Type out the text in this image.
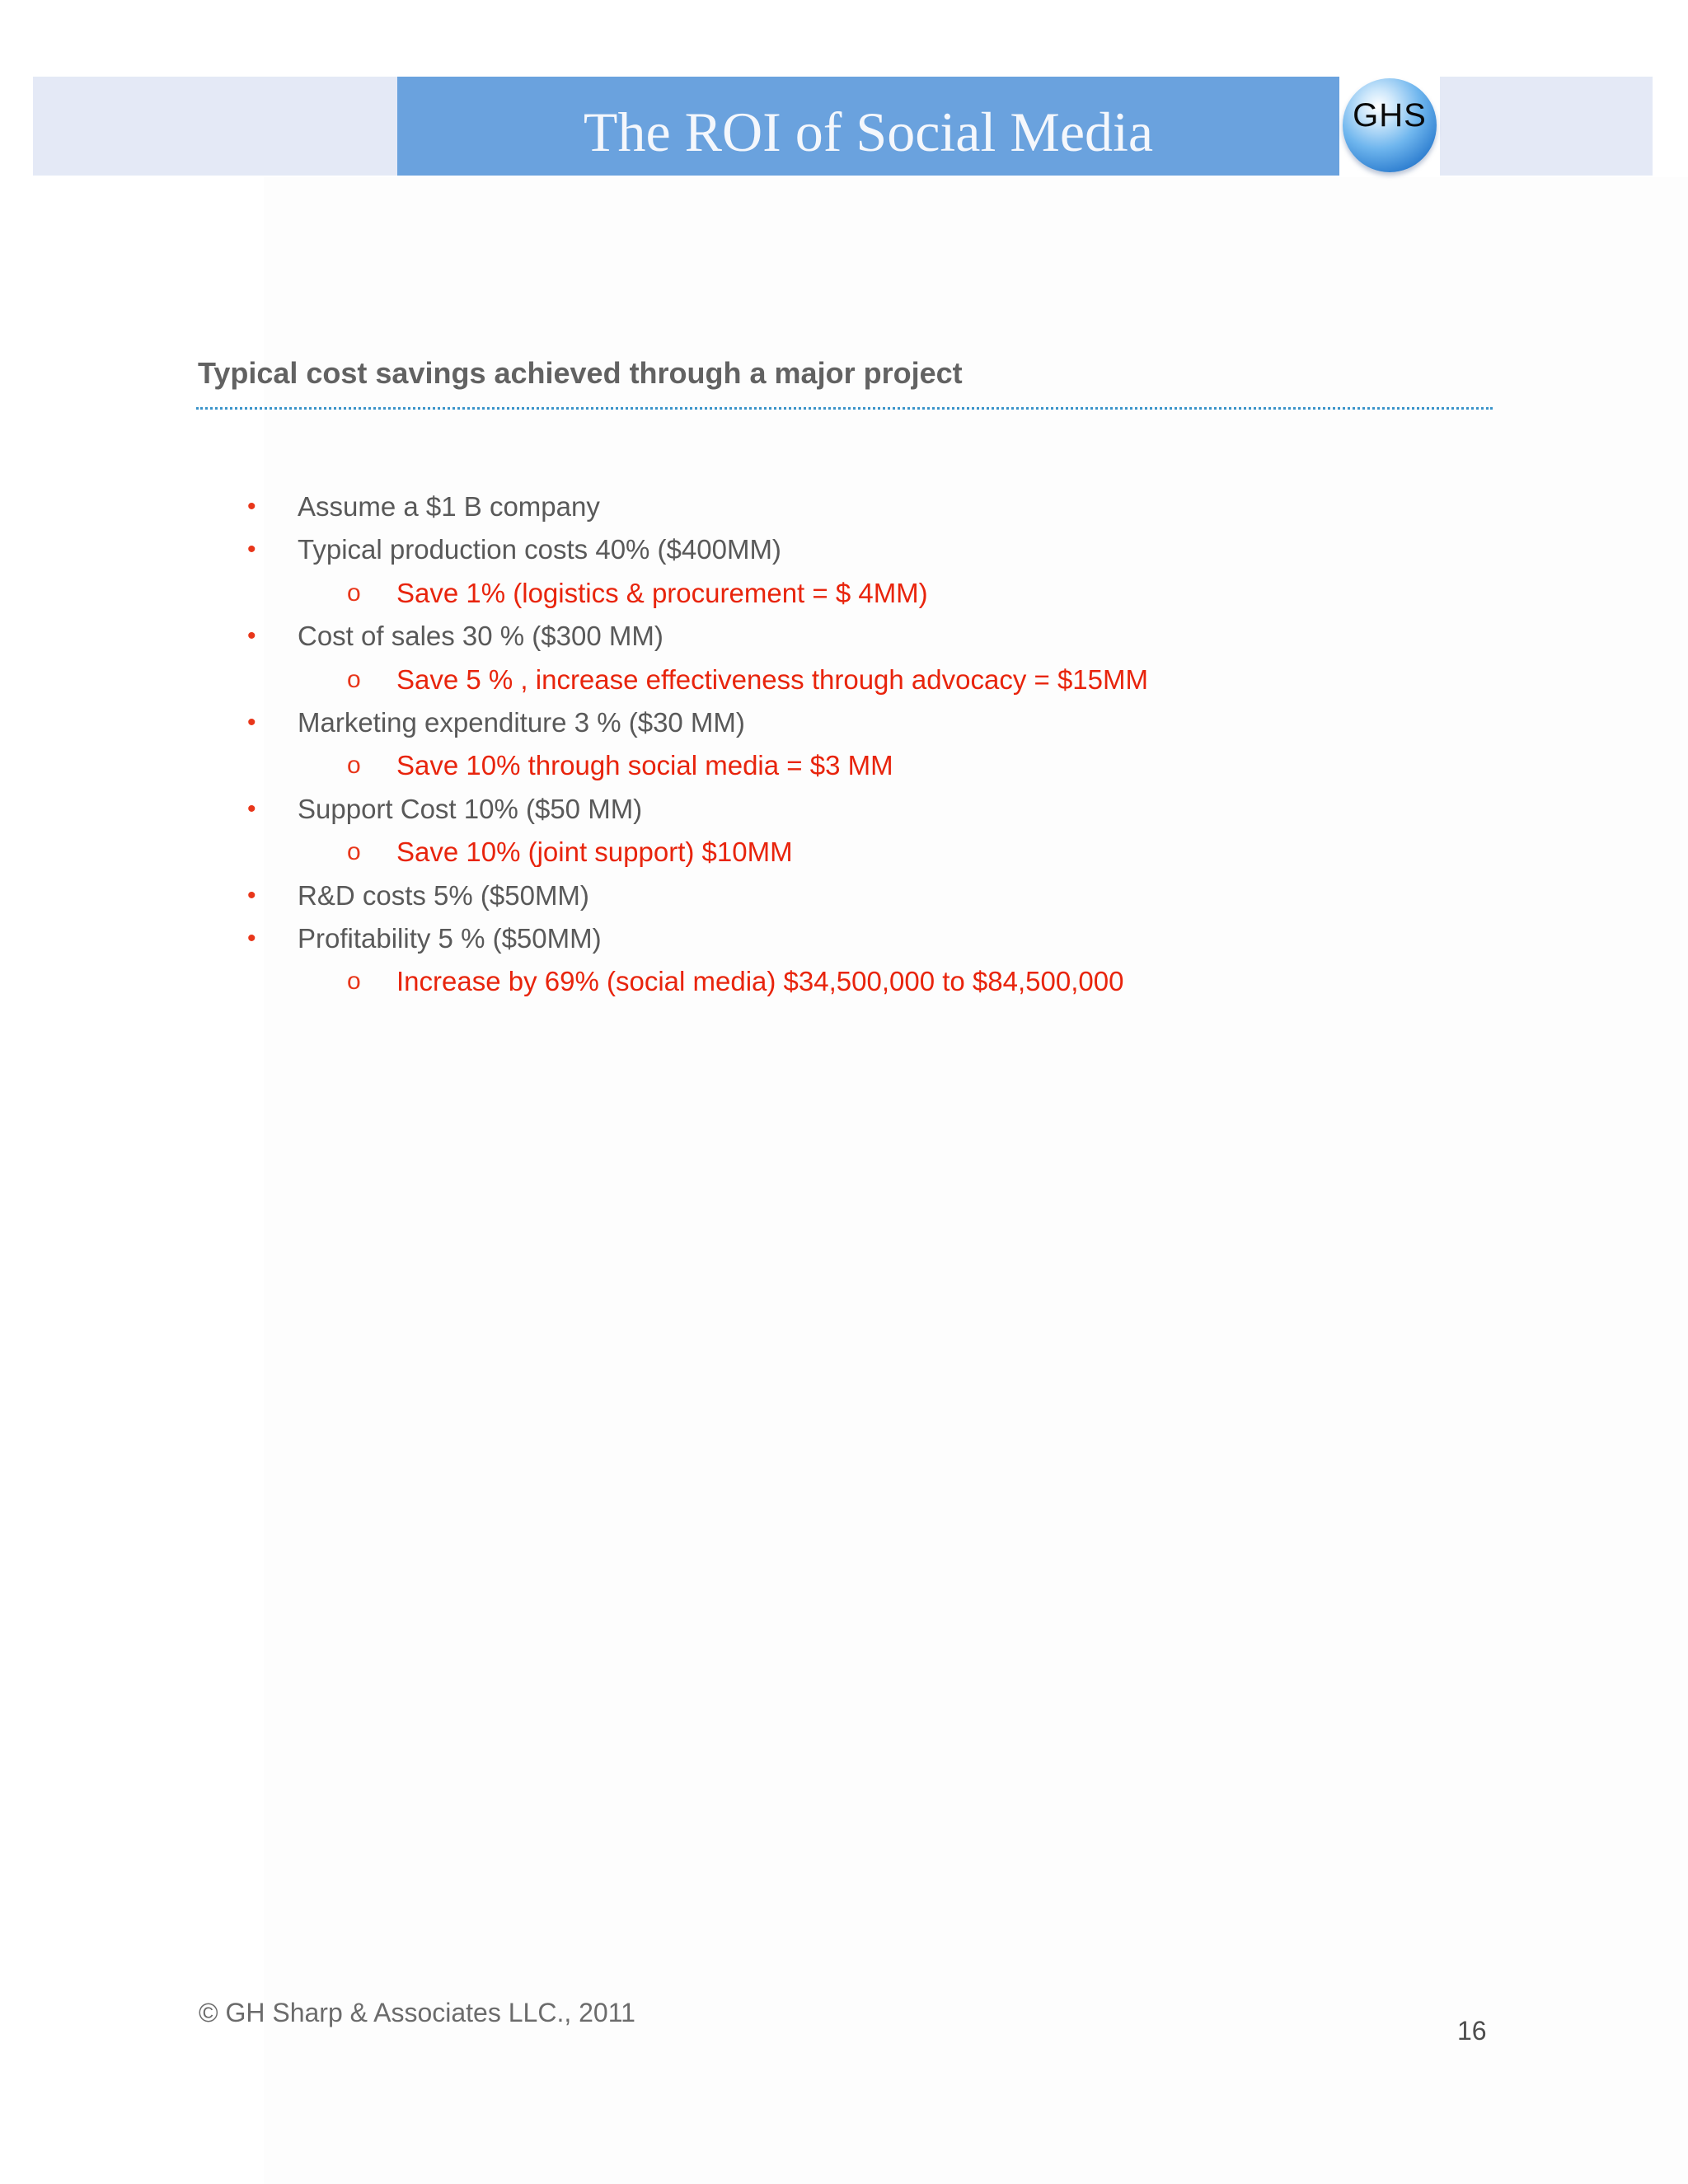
The ROI of Social Media	GHS
Typical cost savings achieved through a major project
• Assume a $1 B company
• Typical production costs 40% ($400MM)
o Save 1% (logistics & procurement = $ 4MM)
• Cost of sales 30 % ($300 MM)
o Save 5 % , increase effectiveness through advocacy = $15MM
• Marketing expenditure 3 % ($30 MM)
o Save 10% through social media = $3 MM
• Support Cost 10% ($50 MM)
o Save 10% (joint support) $10MM
• R&D costs 5% ($50MM)
• Profitability 5 % ($50MM)
o Increase by 69% (social media) $34,500,000 to $84,500,000
© GH Sharp & Associates LLC., 2011
16
